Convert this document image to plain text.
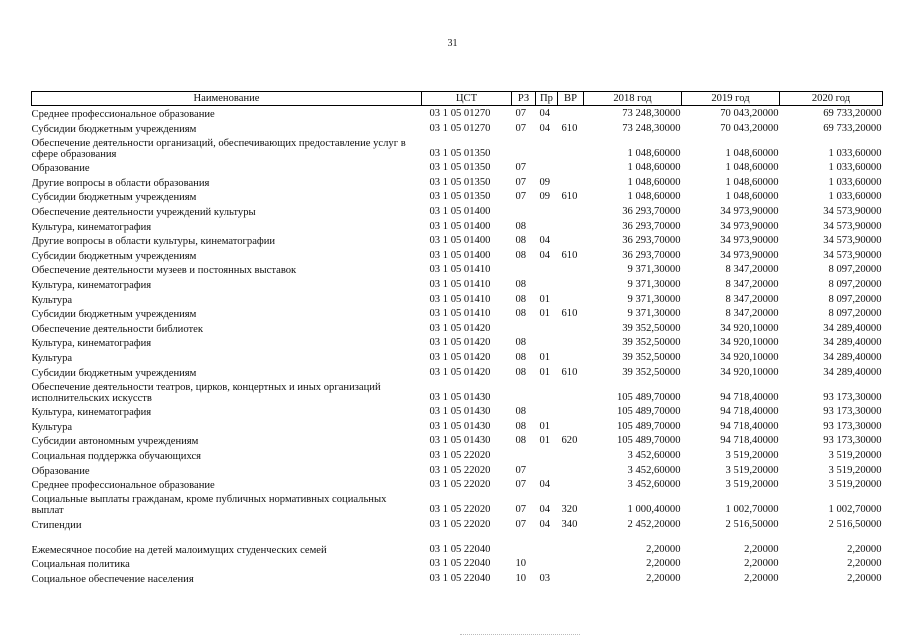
31
Наименование	ЦСТ	РЗ	Пр	ВР	2018 год	2019 год	2020 год
Среднее профессиональное образование	03 1 05 01270	07	04		73 248,30000	70 043,20000	69 733,20000
Субсидии бюджетным учреждениям	03 1 05 01270	07	04	610	73 248,30000	70 043,20000	69 733,20000
Обеспечение деятельности организаций, обеспечивающих предоставление услуг в сфере образования	03 1 05 01350				1 048,60000	1 048,60000	1 033,60000
Образование	03 1 05 01350	07			1 048,60000	1 048,60000	1 033,60000
Другие вопросы в области образования	03 1 05 01350	07	09		1 048,60000	1 048,60000	1 033,60000
Субсидии бюджетным учреждениям	03 1 05 01350	07	09	610	1 048,60000	1 048,60000	1 033,60000
Обеспечение деятельности учреждений культуры	03 1 05 01400				36 293,70000	34 973,90000	34 573,90000
Культура, кинематография	03 1 05 01400	08			36 293,70000	34 973,90000	34 573,90000
Другие вопросы в области культуры, кинематографии	03 1 05 01400	08	04		36 293,70000	34 973,90000	34 573,90000
Субсидии бюджетным учреждениям	03 1 05 01400	08	04	610	36 293,70000	34 973,90000	34 573,90000
Обеспечение деятельности музеев и постоянных выставок	03 1 05 01410				9 371,30000	8 347,20000	8 097,20000
Культура, кинематография	03 1 05 01410	08			9 371,30000	8 347,20000	8 097,20000
Культура	03 1 05 01410	08	01		9 371,30000	8 347,20000	8 097,20000
Субсидии бюджетным учреждениям	03 1 05 01410	08	01	610	9 371,30000	8 347,20000	8 097,20000
Обеспечение деятельности библиотек	03 1 05 01420				39 352,50000	34 920,10000	34 289,40000
Культура, кинематография	03 1 05 01420	08			39 352,50000	34 920,10000	34 289,40000
Культура	03 1 05 01420	08	01		39 352,50000	34 920,10000	34 289,40000
Субсидии бюджетным учреждениям	03 1 05 01420	08	01	610	39 352,50000	34 920,10000	34 289,40000
Обеспечение деятельности театров, цирков, концертных и иных организаций исполнительских искусств	03 1 05 01430				105 489,70000	94 718,40000	93 173,30000
Культура, кинематография	03 1 05 01430	08			105 489,70000	94 718,40000	93 173,30000
Культура	03 1 05 01430	08	01		105 489,70000	94 718,40000	93 173,30000
Субсидии автономным учреждениям	03 1 05 01430	08	01	620	105 489,70000	94 718,40000	93 173,30000
Социальная поддержка обучающихся	03 1 05 22020				3 452,60000	3 519,20000	3 519,20000
Образование	03 1 05 22020	07			3 452,60000	3 519,20000	3 519,20000
Среднее профессиональное образование	03 1 05 22020	07	04		3 452,60000	3 519,20000	3 519,20000
Социальные выплаты гражданам, кроме публичных нормативных социальных выплат	03 1 05 22020	07	04	320	1 000,40000	1 002,70000	1 002,70000
Стипендии	03 1 05 22020	07	04	340	2 452,20000	2 516,50000	2 516,50000
Ежемесячное пособие на детей малоимущих студенческих семей	03 1 05 22040				2,20000	2,20000	2,20000
Социальная политика	03 1 05 22040	10			2,20000	2,20000	2,20000
Социальное обеспечение населения	03 1 05 22040	10	03		2,20000	2,20000	2,20000
